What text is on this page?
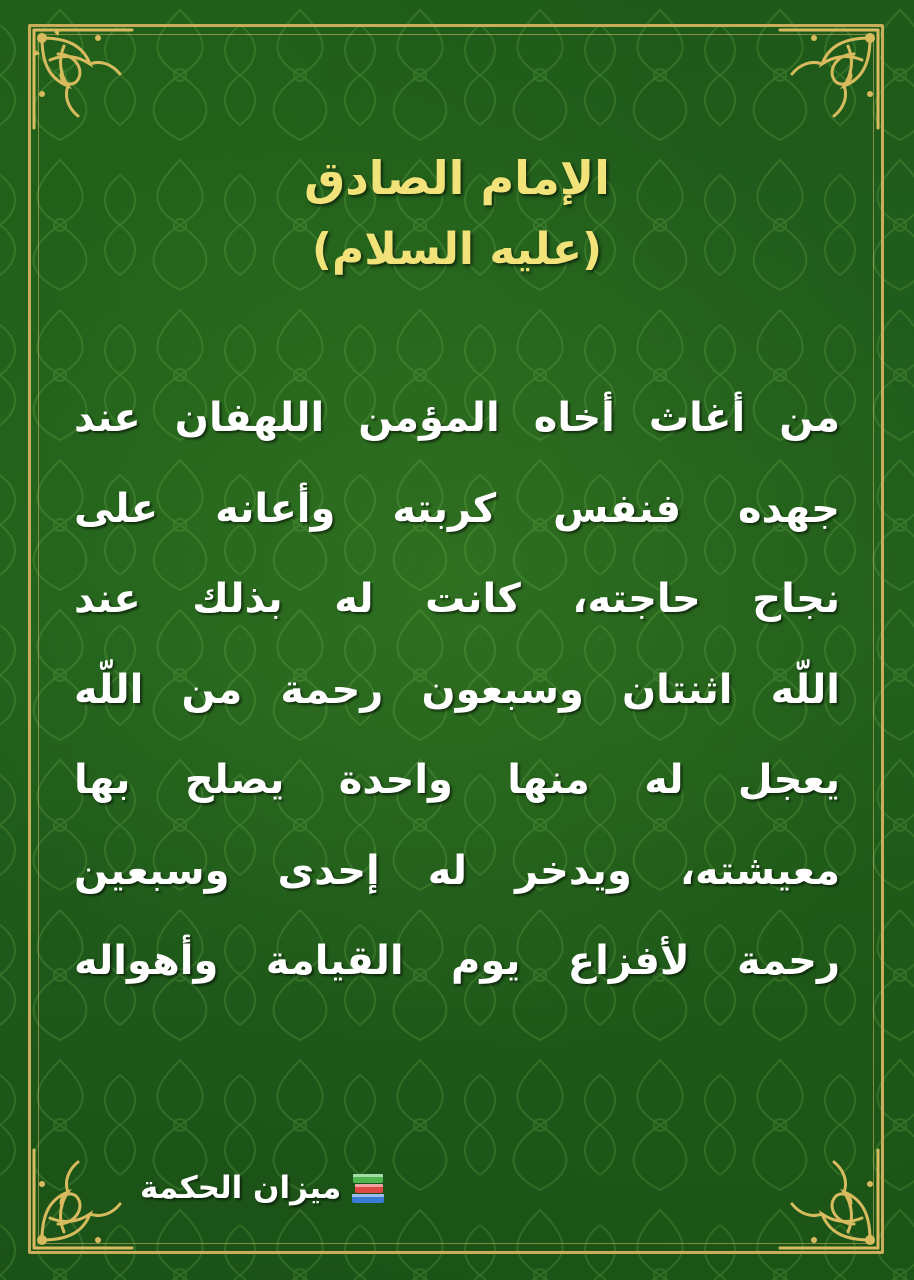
الإمام الصادق
(عليه السلام)
من أغاث أخاه المؤمن اللهفان عند
جهده فنفس كربته وأعانه على
نجاح حاجته، كانت له بذلك عند
اللّه اثنتان وسبعون رحمة من اللّه
يعجل له منها واحدة يصلح بها
معيشته، ويدخر له إحدى وسبعين
رحمة لأفزاع يوم القيامة وأهواله
ميزان الحكمة
